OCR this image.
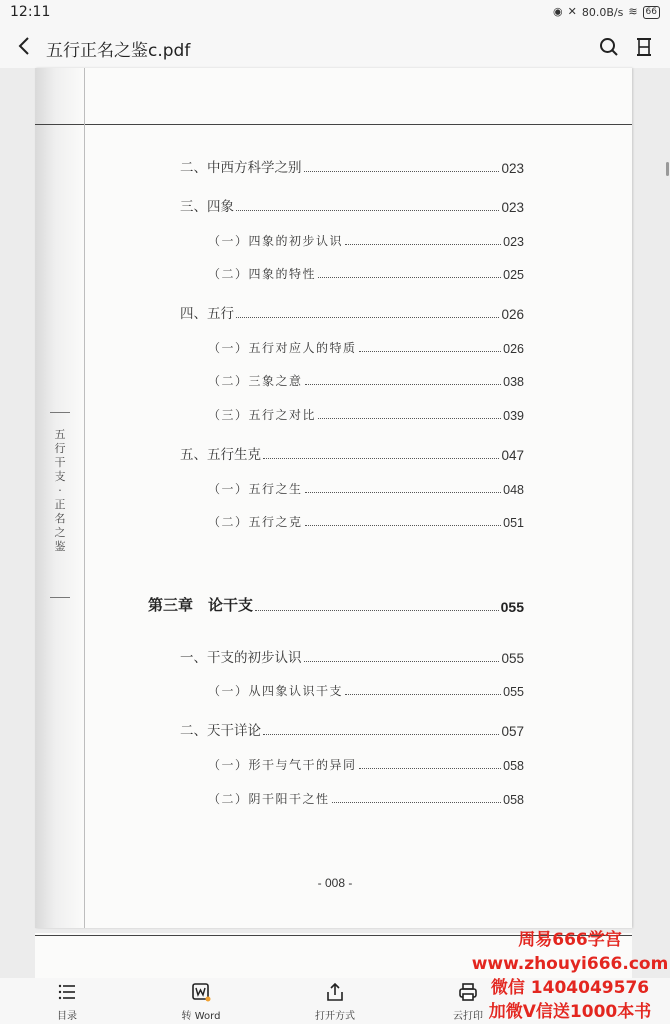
12:11	◉ ✕ 80.0B/s ≋ 66
五行正名之鉴c.pdf
五行干支·正名之鉴
二、中西方科学之别	023
三、四象	023
（一）四象的初步认识	023
（二）四象的特性	025
四、五行	026
（一）五行对应人的特质	026
（二）三象之意	038
（三）五行之对比	039
五、五行生克	047
（一）五行之生	048
（二）五行之克	051
第三章　论干支	055
一、干支的初步认识	055
（一）从四象认识干支	055
二、天干详论	057
（一）形干与气干的异同	058
（二）阴干阳干之性	058
- 008 -
目录	转 Word	打开方式	云打印
周易666学宫
www.zhouyi666.com
微信 14040495​76
加微V信送1000本书
